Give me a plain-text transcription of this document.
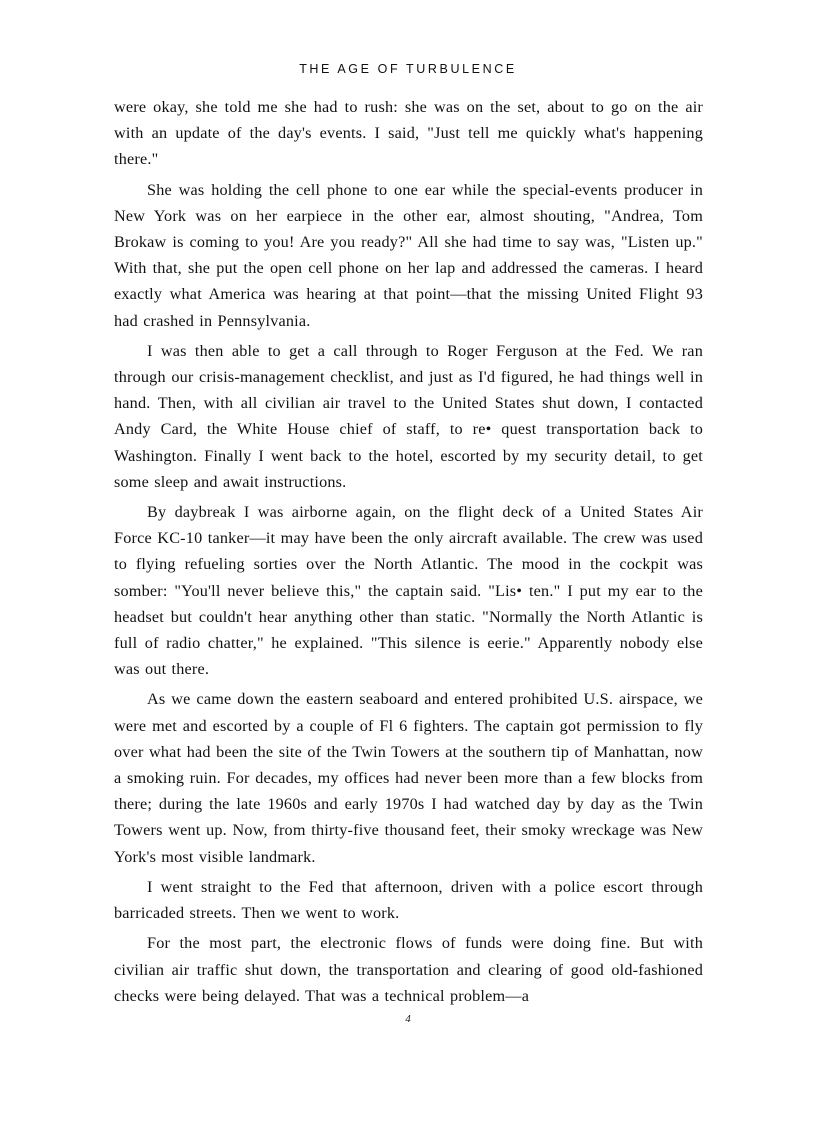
THE AGE OF TURBULENCE

were okay, she told me she had to rush: she was on the set, about to go on the air with an update of the day's events. I said, "Just tell me quickly what's happening there."

She was holding the cell phone to one ear while the special-events producer in New York was on her earpiece in the other ear, almost shouting, "Andrea, Tom Brokaw is coming to you! Are you ready?" All she had time to say was, "Listen up." With that, she put the open cell phone on her lap and addressed the cameras. I heard exactly what America was hearing at that point—that the missing United Flight 93 had crashed in Pennsylvania.

I was then able to get a call through to Roger Ferguson at the Fed. We ran through our crisis-management checklist, and just as I'd figured, he had things well in hand. Then, with all civilian air travel to the United States shut down, I contacted Andy Card, the White House chief of staff, to re• quest transportation back to Washington. Finally I went back to the hotel, escorted by my security detail, to get some sleep and await instructions.

By daybreak I was airborne again, on the flight deck of a United States Air Force KC-10 tanker—it may have been the only aircraft available. The crew was used to flying refueling sorties over the North Atlantic. The mood in the cockpit was somber: "You'll never believe this," the captain said. "Lis• ten." I put my ear to the headset but couldn't hear anything other than static. "Normally the North Atlantic is full of radio chatter," he explained. "This silence is eerie." Apparently nobody else was out there.

As we came down the eastern seaboard and entered prohibited U.S. airspace, we were met and escorted by a couple of Fl 6 fighters. The captain got permission to fly over what had been the site of the Twin Towers at the southern tip of Manhattan, now a smoking ruin. For decades, my offices had never been more than a few blocks from there; during the late 1960s and early 1970s I had watched day by day as the Twin Towers went up. Now, from thirty-five thousand feet, their smoky wreckage was New York's most visible landmark.

I went straight to the Fed that afternoon, driven with a police escort through barricaded streets. Then we went to work.

For the most part, the electronic flows of funds were doing fine. But with civilian air traffic shut down, the transportation and clearing of good old-fashioned checks were being delayed. That was a technical problem—a

4
